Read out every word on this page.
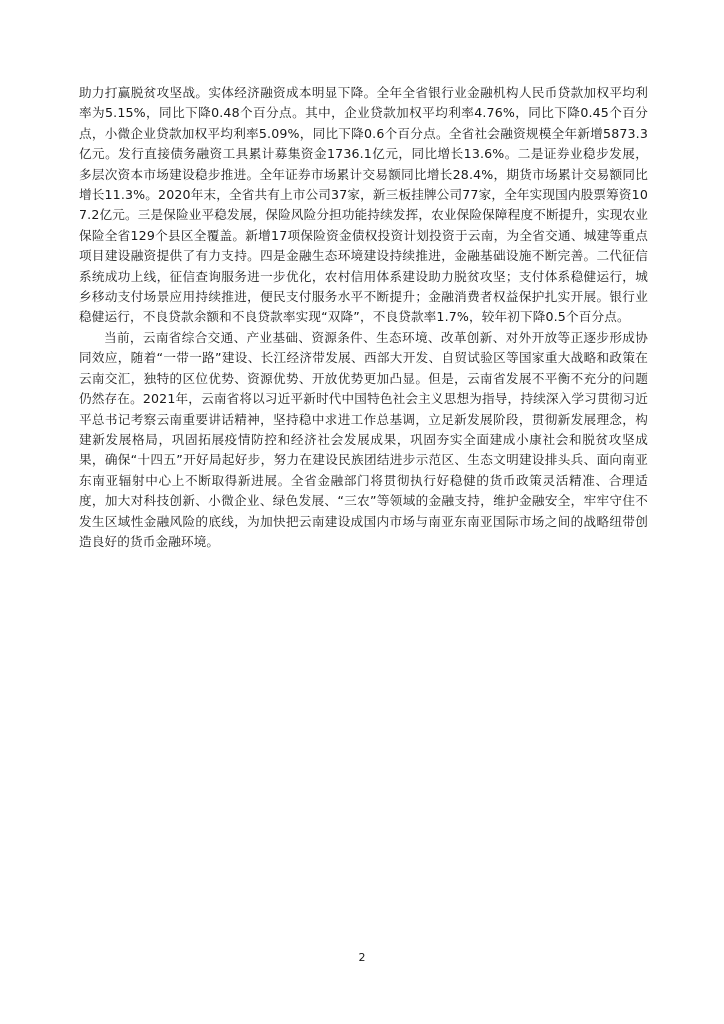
助力打赢脱贫攻坚战。实体经济融资成本明显下降。全年全省银行业金融机构人民币贷款加权平均利率为5.15%，同比下降0.48个百分点。其中，企业贷款加权平均利率4.76%，同比下降0.45个百分点，小微企业贷款加权平均利率5.09%，同比下降0.6个百分点。全省社会融资规模全年新增5873.3亿元。发行直接债务融资工具累计募集资金1736.1亿元，同比增长13.6%。二是证券业稳步发展，多层次资本市场建设稳步推进。全年证券市场累计交易额同比增长28.4%，期货市场累计交易额同比增长11.3%。2020年末，全省共有上市公司37家，新三板挂牌公司77家，全年实现国内股票筹资107.2亿元。三是保险业平稳发展，保险风险分担功能持续发挥，农业保险保障程度不断提升，实现农业保险全省129个县区全覆盖。新增17项保险资金债权投资计划投资于云南，为全省交通、城建等重点项目建设融资提供了有力支持。四是金融生态环境建设持续推进，金融基础设施不断完善。二代征信系统成功上线，征信查询服务进一步优化，农村信用体系建设助力脱贫攻坚；支付体系稳健运行，城乡移动支付场景应用持续推进，便民支付服务水平不断提升；金融消费者权益保护扎实开展。银行业稳健运行，不良贷款余额和不良贷款率实现“双降”，不良贷款率1.7%，较年初下降0.5个百分点。

当前，云南省综合交通、产业基础、资源条件、生态环境、改革创新、对外开放等正逐步形成协同效应，随着“一带一路”建设、长江经济带发展、西部大开发、自贸试验区等国家重大战略和政策在云南交汇，独特的区位优势、资源优势、开放优势更加凸显。但是，云南省发展不平衡不充分的问题仍然存在。2021年，云南省将以习近平新时代中国特色社会主义思想为指导，持续深入学习贯彻习近平总书记考察云南重要讲话精神，坚持稳中求进工作总基调，立足新发展阶段，贯彻新发展理念，构建新发展格局，巩固拓展疫情防控和经济社会发展成果，巩固夯实全面建成小康社会和脱贫攻坚成果，确保“十四五”开好局起好步，努力在建设民族团结进步示范区、生态文明建设排头兵、面向南亚东南亚辐射中心上不断取得新进展。全省金融部门将贯彻执行好稳健的货币政策灵活精准、合理适度，加大对科技创新、小微企业、绿色发展、“三农”等领域的金融支持，维护金融安全，牢牢守住不发生区域性金融风险的底线，为加快把云南建设成国内市场与南亚东南亚国际市场之间的战略纽带创造良好的货币金融环境。

2
